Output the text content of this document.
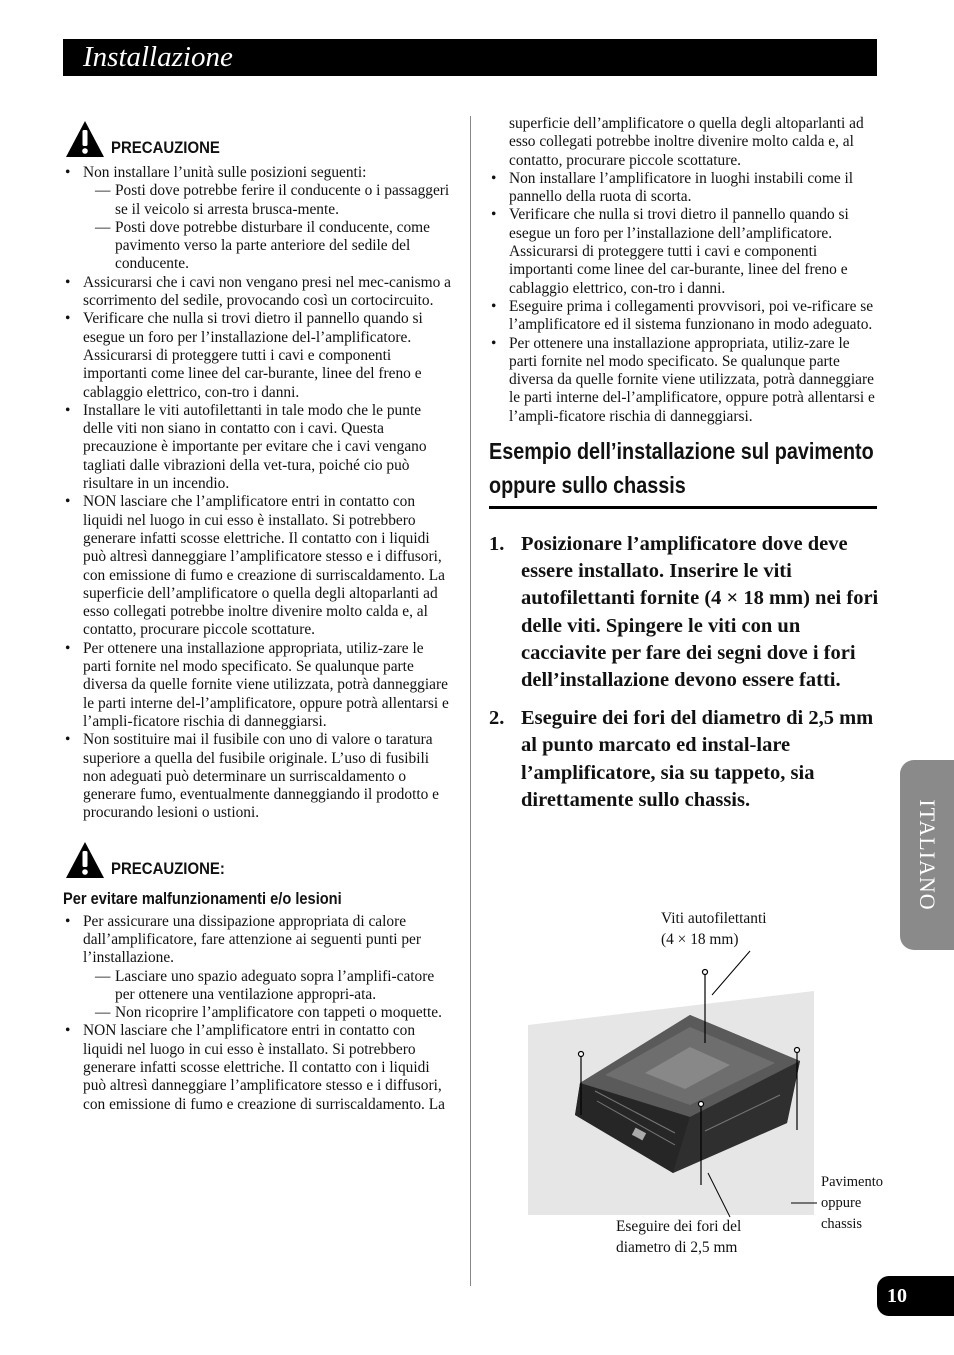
Installazione
PRECAUZIONE
• Non installare l’unità sulle posizioni seguenti:
— Posti dove potrebbe ferire il conducente o i passaggeri se il veicolo si arresta brusca-mente.
— Posti dove potrebbe disturbare il conducente, come pavimento verso la parte anteriore del sedile del conducente.
• Assicurarsi che i cavi non vengano presi nel mec-canismo a scorrimento del sedile, provocando così un cortocircuito.
• Verificare che nulla si trovi dietro il pannello quando si esegue un foro per l’installazione del-l’amplificatore. Assicurarsi di proteggere tutti i cavi e componenti importanti come linee del car-burante, linee del freno e cablaggio elettrico, con-tro i danni.
• Installare le viti autofilettanti in tale modo che le punte delle viti non siano in contatto con i cavi. Questa precauzione è importante per evitare che i cavi vengano tagliati dalle vibrazioni della vet-tura, poiché cio può risultare in un incendio.
• NON lasciare che l’amplificatore entri in contatto con liquidi nel luogo in cui esso è installato. Si potrebbero generare infatti scosse elettriche. Il contatto con i liquidi può altresì danneggiare l’amplificatore stesso e i diffusori, con emissione di fumo e creazione di surriscaldamento. La superficie dell’amplificatore o quella degli altoparlanti ad esso collegati potrebbe inoltre divenire molto calda e, al contatto, procurare piccole scottature.
• Per ottenere una installazione appropriata, utiliz-zare le parti fornite nel modo specificato. Se qualunque parte diversa da quelle fornite viene utilizzata, potrà danneggiare le parti interne del-l’amplificatore, oppure potrà allentarsi e l’ampli-ficatore rischia di danneggiarsi.
• Non sostituire mai il fusibile con uno di valore o taratura superiore a quella del fusibile originale. L’uso di fusibili non adeguati può determinare un surriscaldamento o generare fumo, eventualmente danneggiando il prodotto e procurando lesioni o ustioni.
PRECAUZIONE:
Per evitare malfunzionamenti e/o lesioni
• Per assicurare una dissipazione appropriata di calore dall’amplificatore, fare attenzione ai seguenti punti per l’installazione.
— Lasciare uno spazio adeguato sopra l’amplifi-catore per ottenere una ventilazione appropri-ata.
— Non ricoprire l’amplificatore con tappeti o moquette.
• NON lasciare che l’amplificatore entri in contatto con liquidi nel luogo in cui esso è installato. Si potrebbero generare infatti scosse elettriche. Il contatto con i liquidi può altresì danneggiare l’amplificatore stesso e i diffusori, con emissione di fumo e creazione di surriscaldamento. La
superficie dell’amplificatore o quella degli altoparlanti ad esso collegati potrebbe inoltre divenire molto calda e, al contatto, procurare piccole scottature.
• Non installare l’amplificatore in luoghi instabili come il pannello della ruota di scorta.
• Verificare che nulla si trovi dietro il pannello quando si esegue un foro per l’installazione dell’amplificatore. Assicurarsi di proteggere tutti i cavi e componenti importanti come linee del car-burante, linee del freno e cablaggio elettrico, con-tro i danni.
• Eseguire prima i collegamenti provvisori, poi ve-rificare se l’amplificatore ed il sistema funzionano in modo adeguato.
• Per ottenere una installazione appropriata, utiliz-zare le parti fornite nel modo specificato. Se qualunque parte diversa da quelle fornite viene utilizzata, potrà danneggiare le parti interne del-l’amplificatore, oppure potrà allentarsi e l’ampli-ficatore rischia di danneggiarsi.
Esempio dell’installazione sul pavimento oppure sullo chassis
1. Posizionare l’amplificatore dove deve essere installato. Inserire le viti autofilettanti fornite (4 × 18 mm) nei fori delle viti. Spingere le viti con un cacciavite per fare dei segni dove i fori dell’installazione devono essere fatti.
2. Eseguire dei fori del diametro di 2,5 mm al punto marcato ed instal-lare l’amplificatore, sia su tappeto, sia direttamente sullo chassis.
Viti autofilettanti
(4 × 18 mm)
Eseguire dei fori del
diametro di 2,5 mm
Pavimento
oppure
chassis
ITALIANO
10
